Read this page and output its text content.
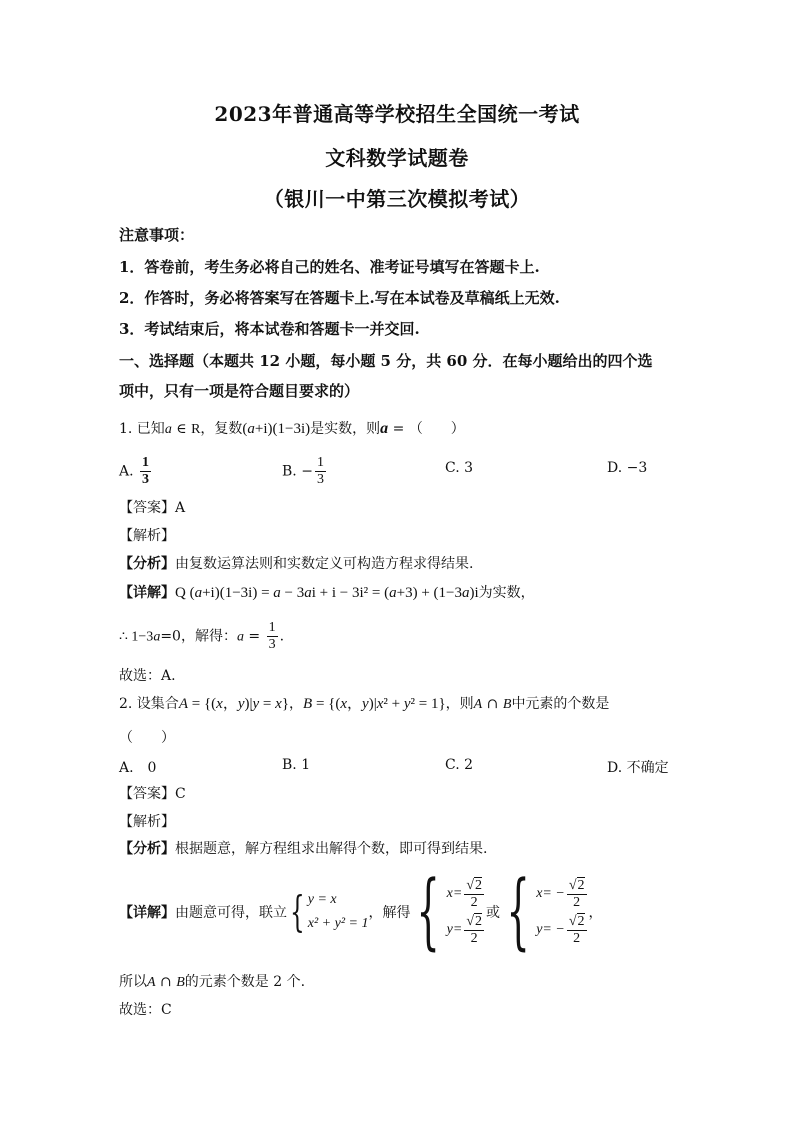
2023年普通高等学校招生全国统一考试
文科数学试题卷
（银川一中第三次模拟考试）
注意事项：
1．答卷前，考生务必将自己的姓名、准考证号填写在答题卡上.
2．作答时，务必将答案写在答题卡上.写在本试卷及草稿纸上无效.
3．考试结束后，将本试卷和答题卡一并交回.
一、选择题（本题共 12 小题，每小题 5 分，共 60 分．在每小题给出的四个选
项中，只有一项是符合题目要求的）
1. 已知a ∈ R，复数(a+i)(1−3i)是实数，则a = （　　）
A. $\frac{1}{3}$	B. − $\frac{1}{3}$	C. 3	D. −3
【答案】A
【解析】
【分析】由复数运算法则和实数定义可构造方程求得结果.
【详解】Q (a+i)(1−3i) = a − 3ai + i − 3i² = (a+3) + (1−3a)i为实数，
∴ 1−3a=0，解得：$a = \frac{1}{3}$ .
故选：A.
2. 设集合A = {(x，y)|y = x}，B = {(x，y)|x² + y² = 1}，则A ∩ B中元素的个数是
（　　）
A.　0	B. 1	C. 2	D. 不确定
【答案】C
【解析】
【分析】根据题意，解方程组求出解得个数，即可得到结果.
【详解】 由题意可得，联立 { y = x
x² + y² = 1
，解得 { $x = \frac{√2}{2}$
$y = \frac{√2}{2}$
或 { x = − $\frac{√2}{2}$
y = − $\frac{√2}{2}$
，
所以A ∩ B的元素个数是 2 个.
故选：C
